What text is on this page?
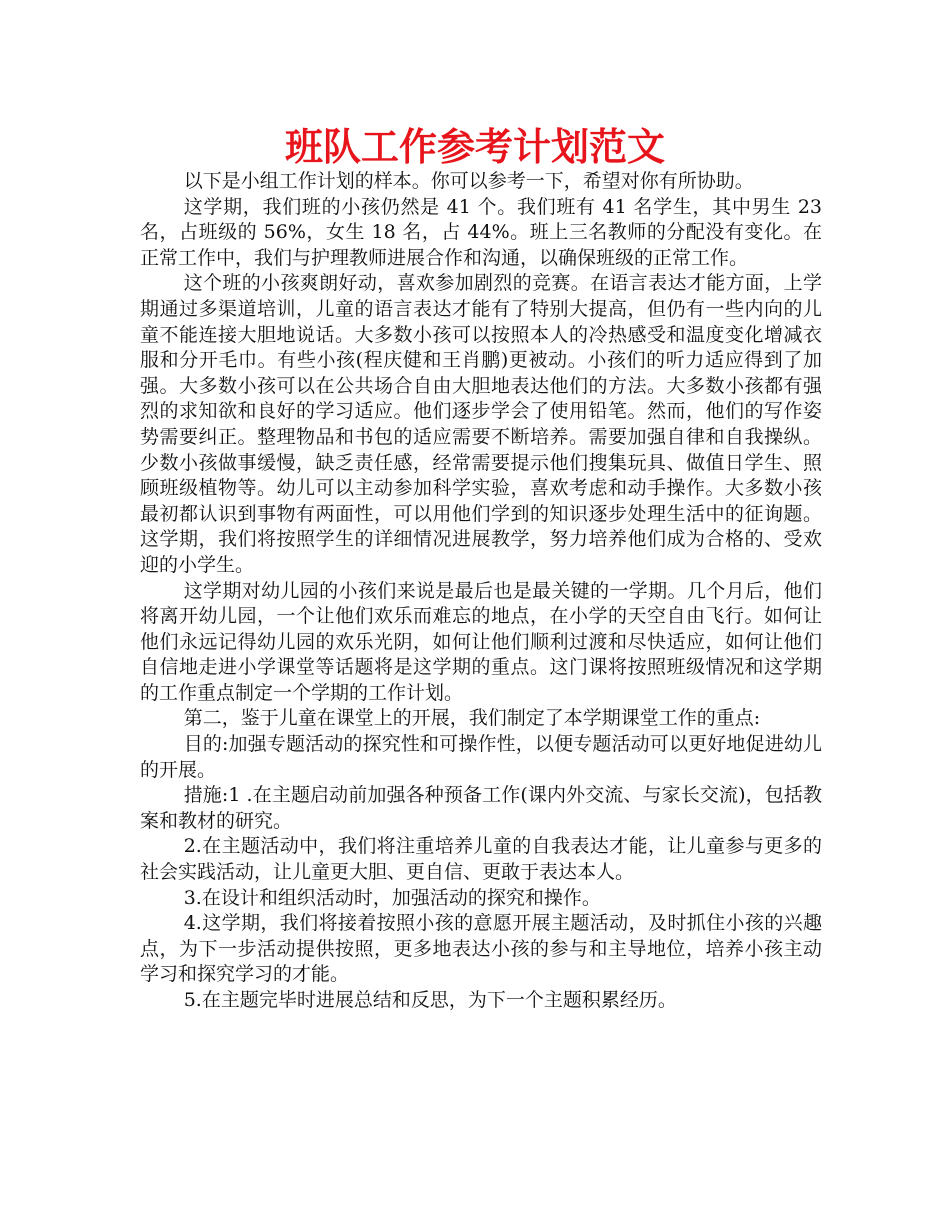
班队工作参考计划范文

以下是小组工作计划的样本。你可以参考一下，希望对你有所协助。

这学期，我们班的小孩仍然是 41 个。我们班有 41 名学生，其中男生 23 名，占班级的 56%，女生 18 名，占 44%。班上三名教师的分配没有变化。在正常工作中，我们与护理教师进展合作和沟通，以确保班级的正常工作。

这个班的小孩爽朗好动，喜欢参加剧烈的竞赛。在语言表达才能方面，上学期通过多渠道培训，儿童的语言表达才能有了特别大提高，但仍有一些内向的儿童不能连接大胆地说话。大多数小孩可以按照本人的冷热感受和温度变化增减衣服和分开毛巾。有些小孩(程庆健和王肖鹏)更被动。小孩们的听力适应得到了加强。大多数小孩可以在公共场合自由大胆地表达他们的方法。大多数小孩都有强烈的求知欲和良好的学习适应。他们逐步学会了使用铅笔。然而，他们的写作姿势需要纠正。整理物品和书包的适应需要不断培养。需要加强自律和自我操纵。少数小孩做事缓慢，缺乏责任感，经常需要提示他们搜集玩具、做值日学生、照顾班级植物等。幼儿可以主动参加科学实验，喜欢考虑和动手操作。大多数小孩最初都认识到事物有两面性，可以用他们学到的知识逐步处理生活中的征询题。这学期，我们将按照学生的详细情况进展教学，努力培养他们成为合格的、受欢迎的小学生。

这学期对幼儿园的小孩们来说是最后也是最关键的一学期。几个月后，他们将离开幼儿园，一个让他们欢乐而难忘的地点，在小学的天空自由飞行。如何让他们永远记得幼儿园的欢乐光阴，如何让他们顺利过渡和尽快适应，如何让他们自信地走进小学课堂等话题将是这学期的重点。这门课将按照班级情况和这学期的工作重点制定一个学期的工作计划。

第二，鉴于儿童在课堂上的开展，我们制定了本学期课堂工作的重点:

目的:加强专题活动的探究性和可操作性，以便专题活动可以更好地促进幼儿的开展。

措施:1 .在主题启动前加强各种预备工作(课内外交流、与家长交流)，包括教案和教材的研究。

2.在主题活动中，我们将注重培养儿童的自我表达才能，让儿童参与更多的社会实践活动，让儿童更大胆、更自信、更敢于表达本人。

3.在设计和组织活动时，加强活动的探究和操作。

4.这学期，我们将接着按照小孩的意愿开展主题活动，及时抓住小孩的兴趣点，为下一步活动提供按照，更多地表达小孩的参与和主导地位，培养小孩主动学习和探究学习的才能。

5.在主题完毕时进展总结和反思，为下一个主题积累经历。
